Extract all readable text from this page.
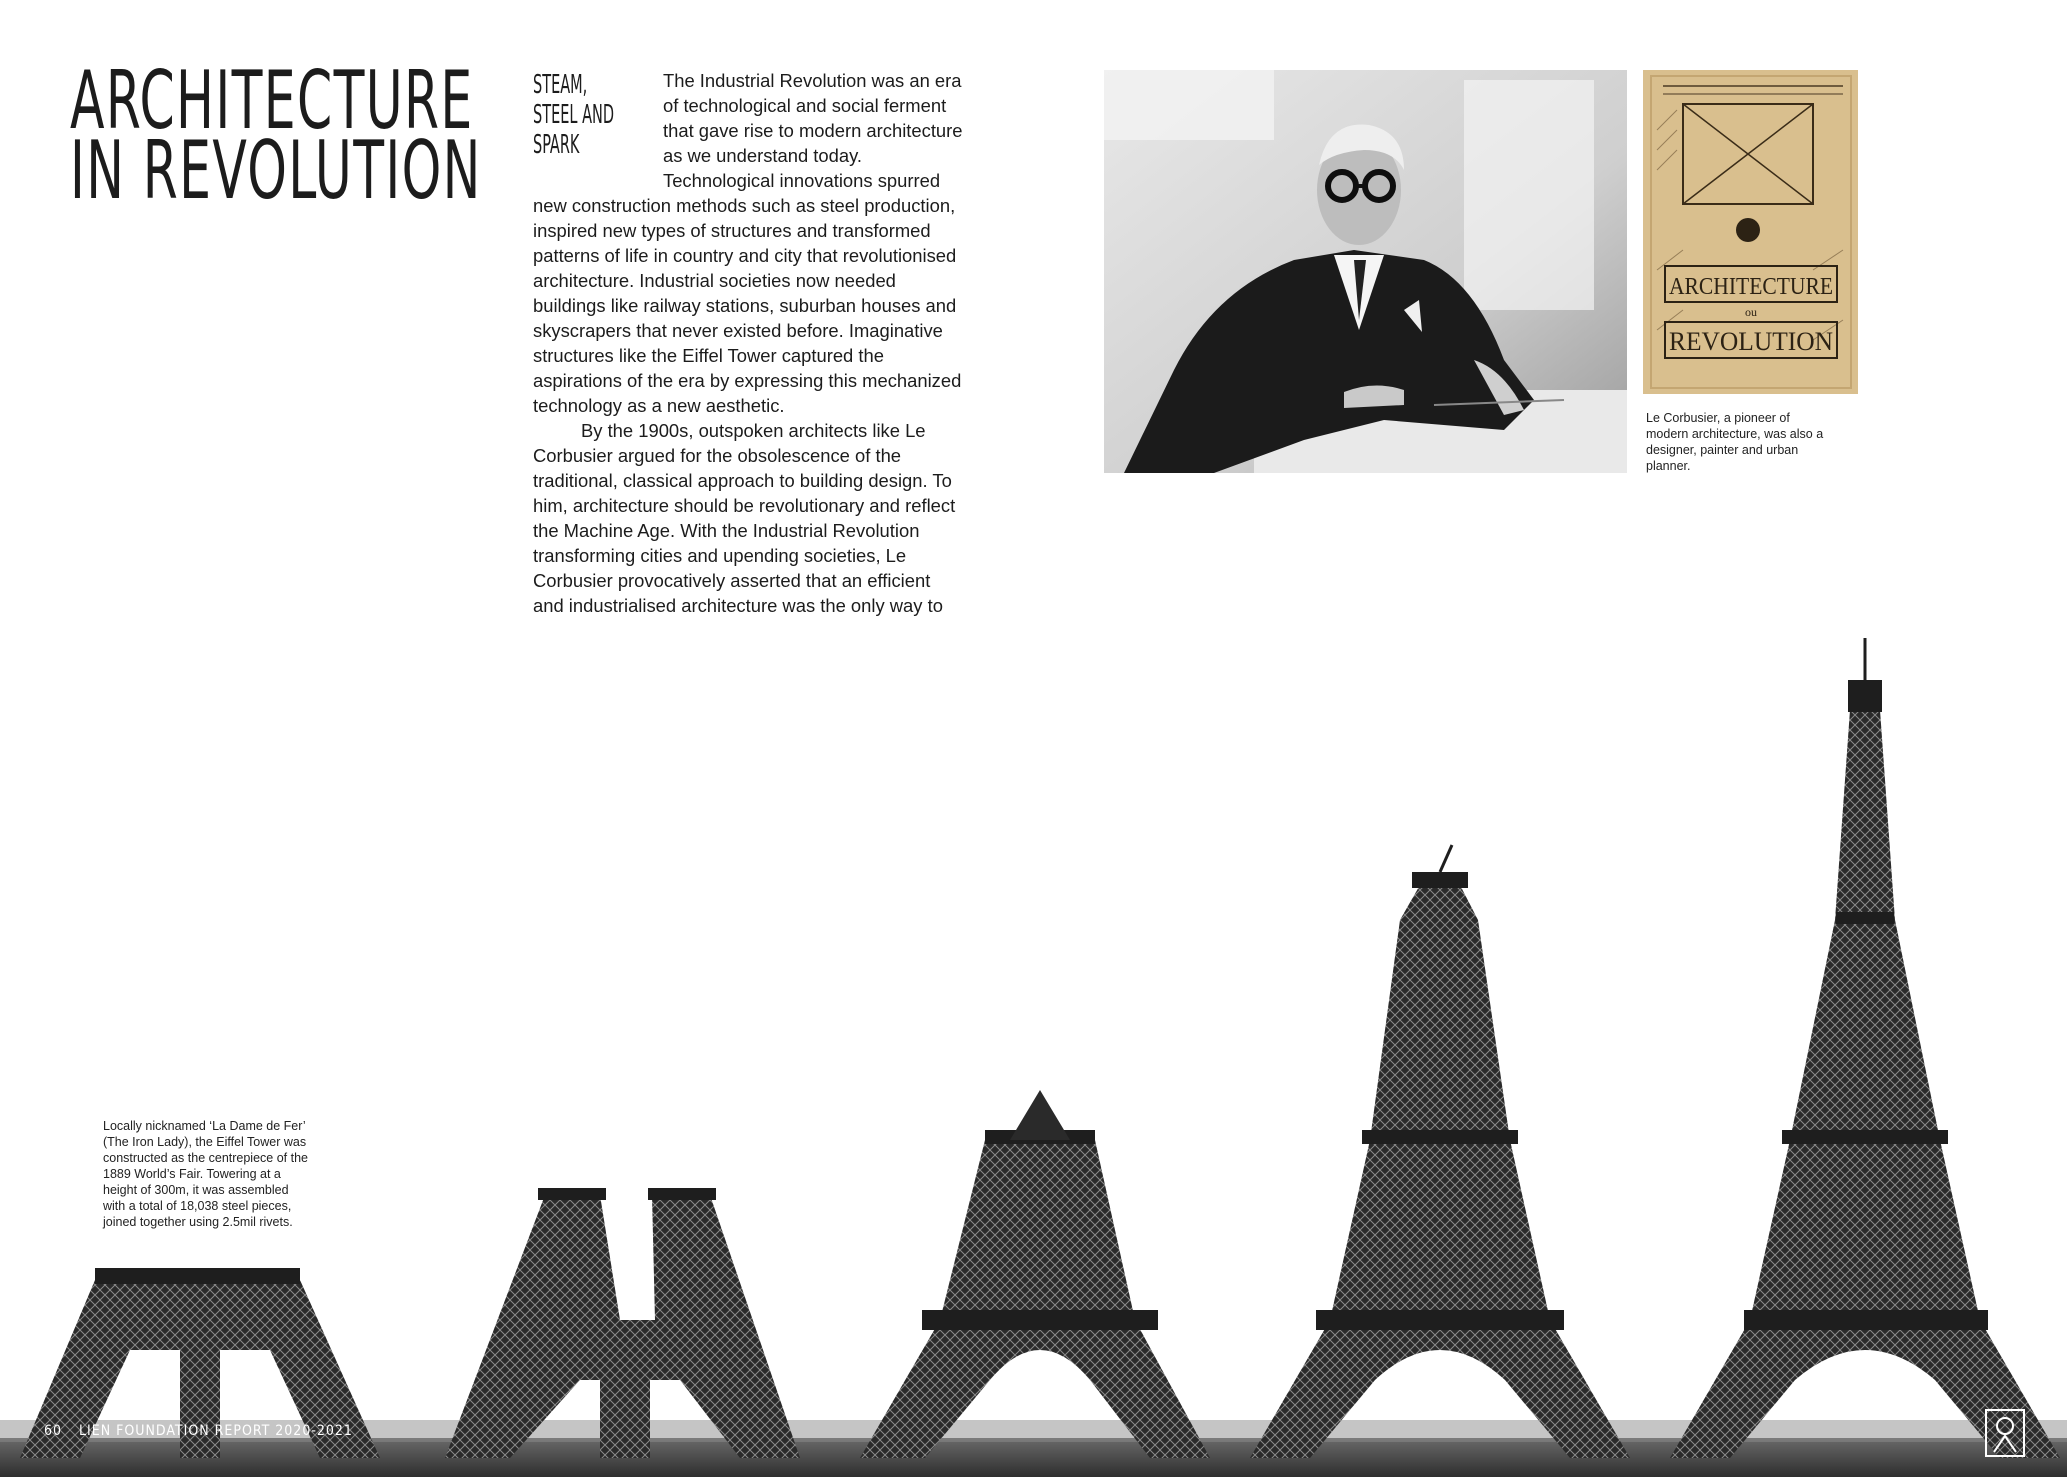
ARCHITECTURE
IN REVOLUTION
STEAM,
STEEL AND
SPARK

The Industrial Revolution was an era of technological and social ferment that gave rise to modern architecture as we understand today. Technological innovations spurred new construction methods such as steel production, inspired new types of structures and transformed patterns of life in country and city that revolutionised architecture. Industrial societies now needed buildings like railway stations, suburban houses and skyscrapers that never existed before. Imaginative structures like the Eiffel Tower captured the aspirations of the era by expressing this mechanized technology as a new aesthetic.

By the 1900s, outspoken architects like Le Corbusier argued for the obsolescence of the traditional, classical approach to building design. To him, architecture should be revolutionary and reflect the Machine Age. With the Industrial Revolution transforming cities and upending societies, Le Corbusier provocatively asserted that an efficient and industrialised architecture was the only way to

ARCHITECTURE
ou
REVOLUTION
Le Corbusier, a pioneer of modern architecture, was also a designer, painter and urban planner.
Locally nicknamed ‘La Dame de Fer’ (The Iron Lady), the Eiffel Tower was constructed as the centrepiece of the 1889 World’s Fair. Towering at a height of 300m, it was assembled with a total of 18,038 steel pieces, joined together using 2.5mil rivets.
60 LIEN FOUNDATION REPORT 2020-2021
